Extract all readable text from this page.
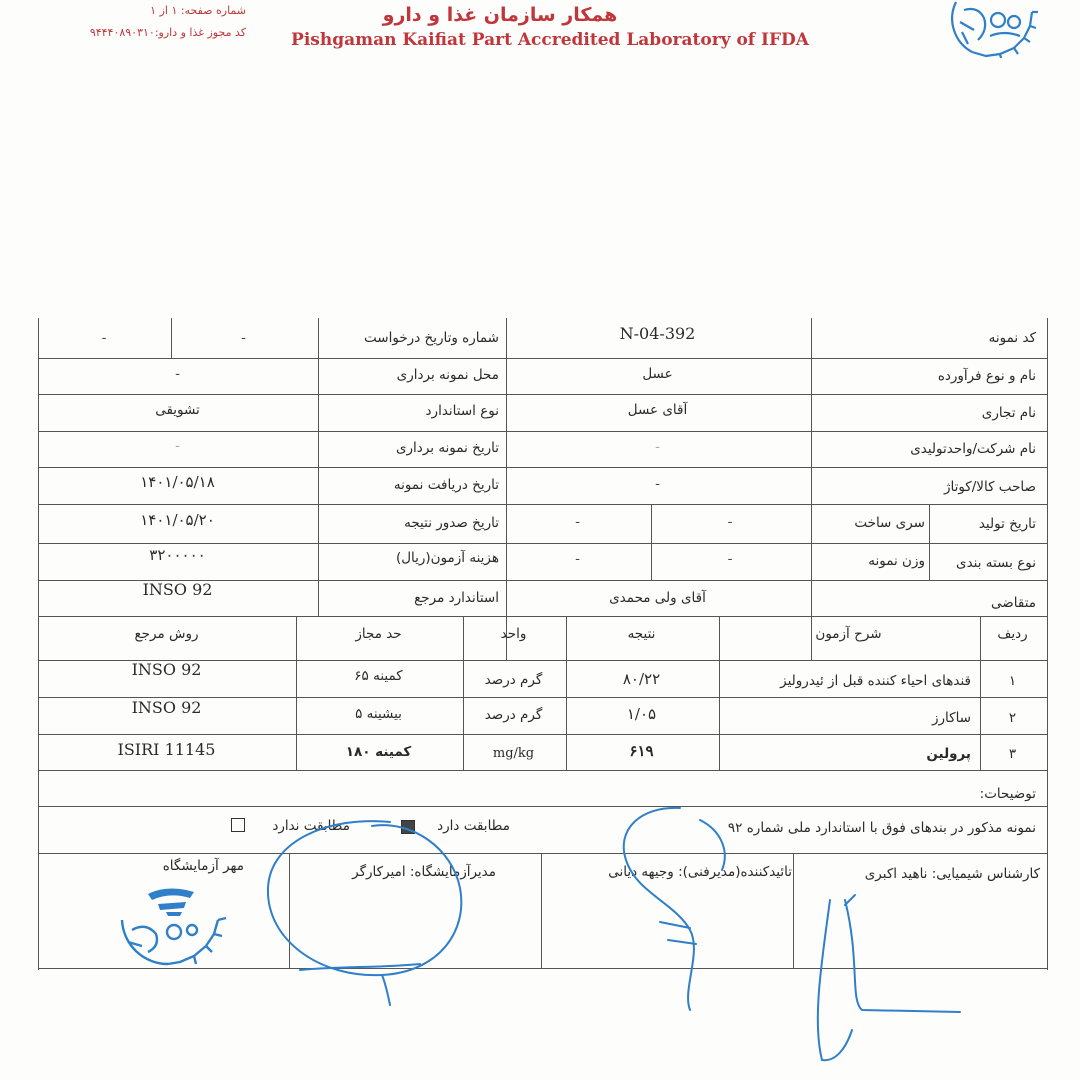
همکار سازمان غذا و دارو
Pishgaman Kaifiat Part Accredited Laboratory of IFDA
شماره صفحه: ۱ از ۱
کد مجوز غذا و دارو:۹۴۴۴۰۸۹۰۳۱۰
کد نمونه
N-04-392
شماره وتاریخ درخواست
-
-
نام و نوع فرآورده
عسل
محل نمونه برداری
-
نام تجاری
آقای عسل
نوع استاندارد
تشویقی
نام شرکت/واحدتولیدی
-
تاریخ نمونه برداری
-
صاحب کالا/کوتاژ
-
تاریخ دریافت نمونه
۱۴۰۱/۰۵/۱۸
تاریخ تولید
سری ساخت
-
-
تاریخ صدور نتیجه
۱۴۰۱/۰۵/۲۰
نوع بسته بندی
وزن نمونه
-
-
هزینه آزمون(ریال)
۳۲۰۰۰۰۰
متقاضی
آقای ولی محمدی
استاندارد مرجع
INSO 92
ردیف
شرح آزمون
نتیجه
واحد
حد مجاز
روش مرجع
۱
قندهای احیاء کننده قبل از ئیدرولیز
۸۰/۲۲
گرم درصد
کمینه ۶۵
INSO 92
۲
ساکارز
۱/۰۵
گرم درصد
بیشینه ۵
INSO 92
۳
پرولین
۶۱۹
mg/kg
کمینه ۱۸۰
ISIRI 11145
توضیحات:
نمونه مذکور در بندهای فوق با استاندارد ملی شماره ۹۲
مطابقت دارد
مطابقت ندارد
کارشناس شیمیایی: ناهید اکبری
تائیدکننده(مدیرفنی): وجیهه دیانی
مدیرآزمایشگاه: امیرکارگر
مهر آزمایشگاه
